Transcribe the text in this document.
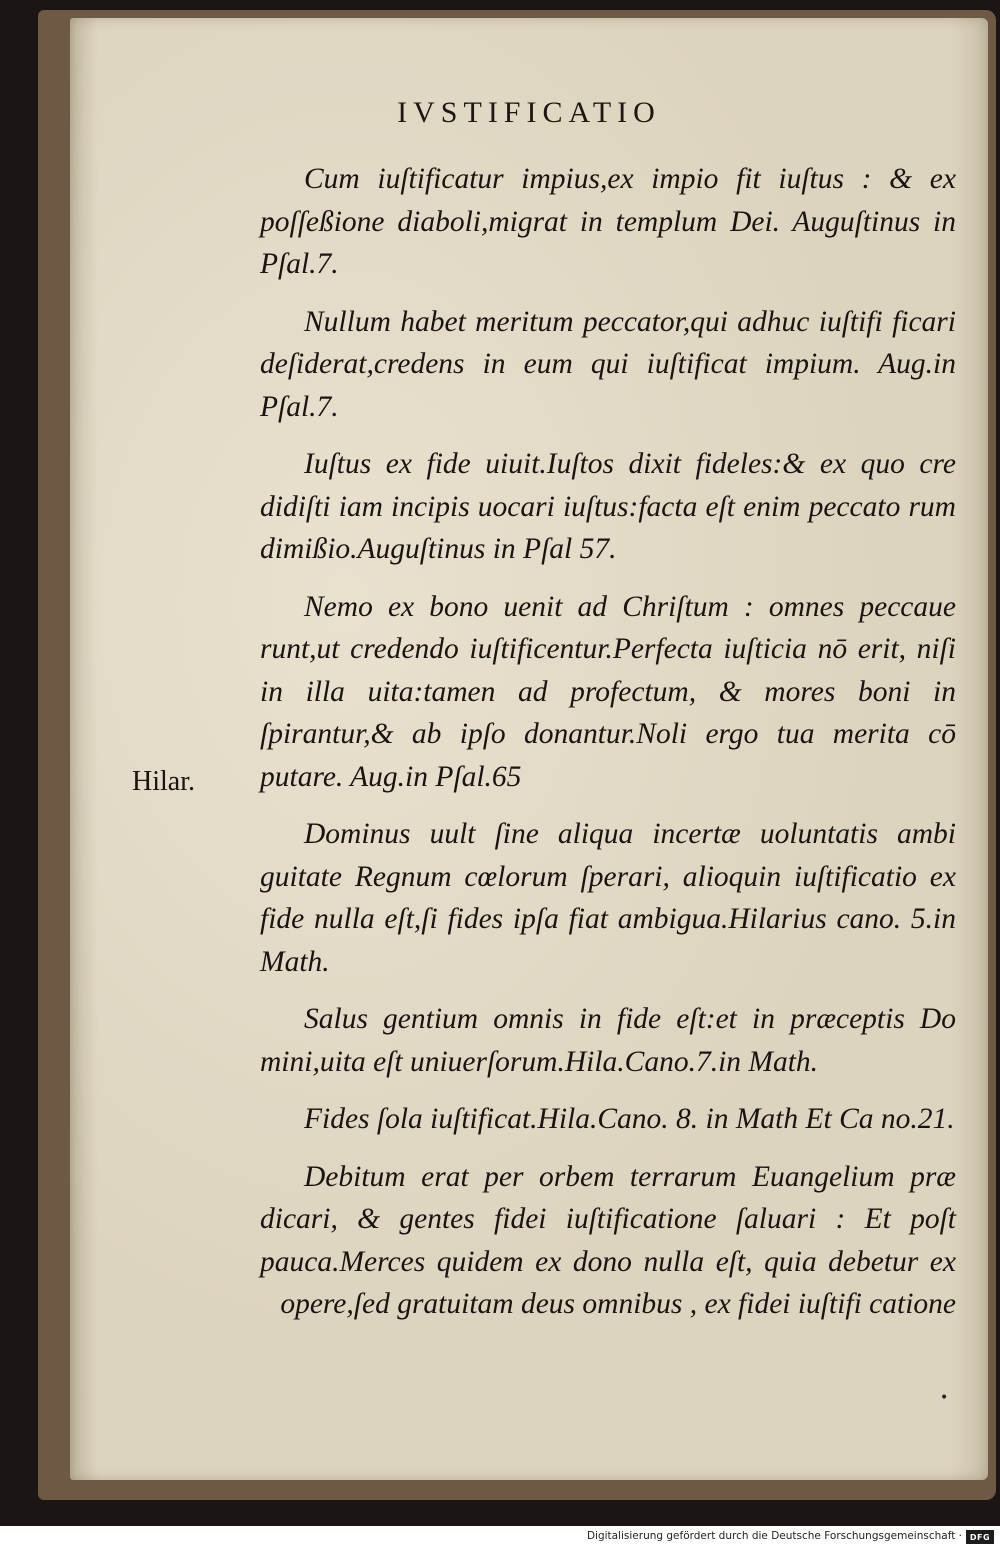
IVSTIFICATIO
Hilar.

Cum iuſtificatur impius,ex impio fit iuſtus : & ex poſſeßione diaboli,migrat in templum Dei. Auguſtinus in Pſal.7.

Nullum habet meritum peccator,qui adhuc iuſtifi ficari deſiderat,credens in eum qui iuſtificat impium. Aug.in Pſal.7.

Iuſtus ex fide uiuit.Iuſtos dixit fideles:& ex quo cre didiſti iam incipis uocari iuſtus:facta eſt enim peccato rum dimißio.Auguſtinus in Pſal 57.

Nemo ex bono uenit ad Chriſtum : omnes peccaue runt,ut credendo iuſtificentur.Perfecta iuſticia nō erit, niſi in illa uita:tamen ad profectum, & mores boni in ſpirantur,& ab ipſo donantur.Noli ergo tua merita cō putare. Aug.in Pſal.65

Dominus uult ſine aliqua incertæ uoluntatis ambi guitate Regnum cœlorum ſperari, alioquin iuſtificatio ex fide nulla eſt,ſi fides ipſa fiat ambigua.Hilarius cano. 5.in Math.

Salus gentium omnis in fide eſt:et in præceptis Do mini,uita eſt uniuerſorum.Hila.Cano.7.in Math.

Fides ſola iuſtificat.Hila.Cano. 8. in Math Et Ca no.21.

Debitum erat per orbem terrarum Euangelium præ dicari, & gentes fidei iuſtificatione ſaluari : Et poſt pauca.Merces quidem ex dono nulla eſt, quia debetur ex opere,ſed gratuitam deus omnibus , ex fidei iuſtifi catione

•
Digitalisierung gefördert durch die Deutsche Forschungsgemeinschaft · DFG
